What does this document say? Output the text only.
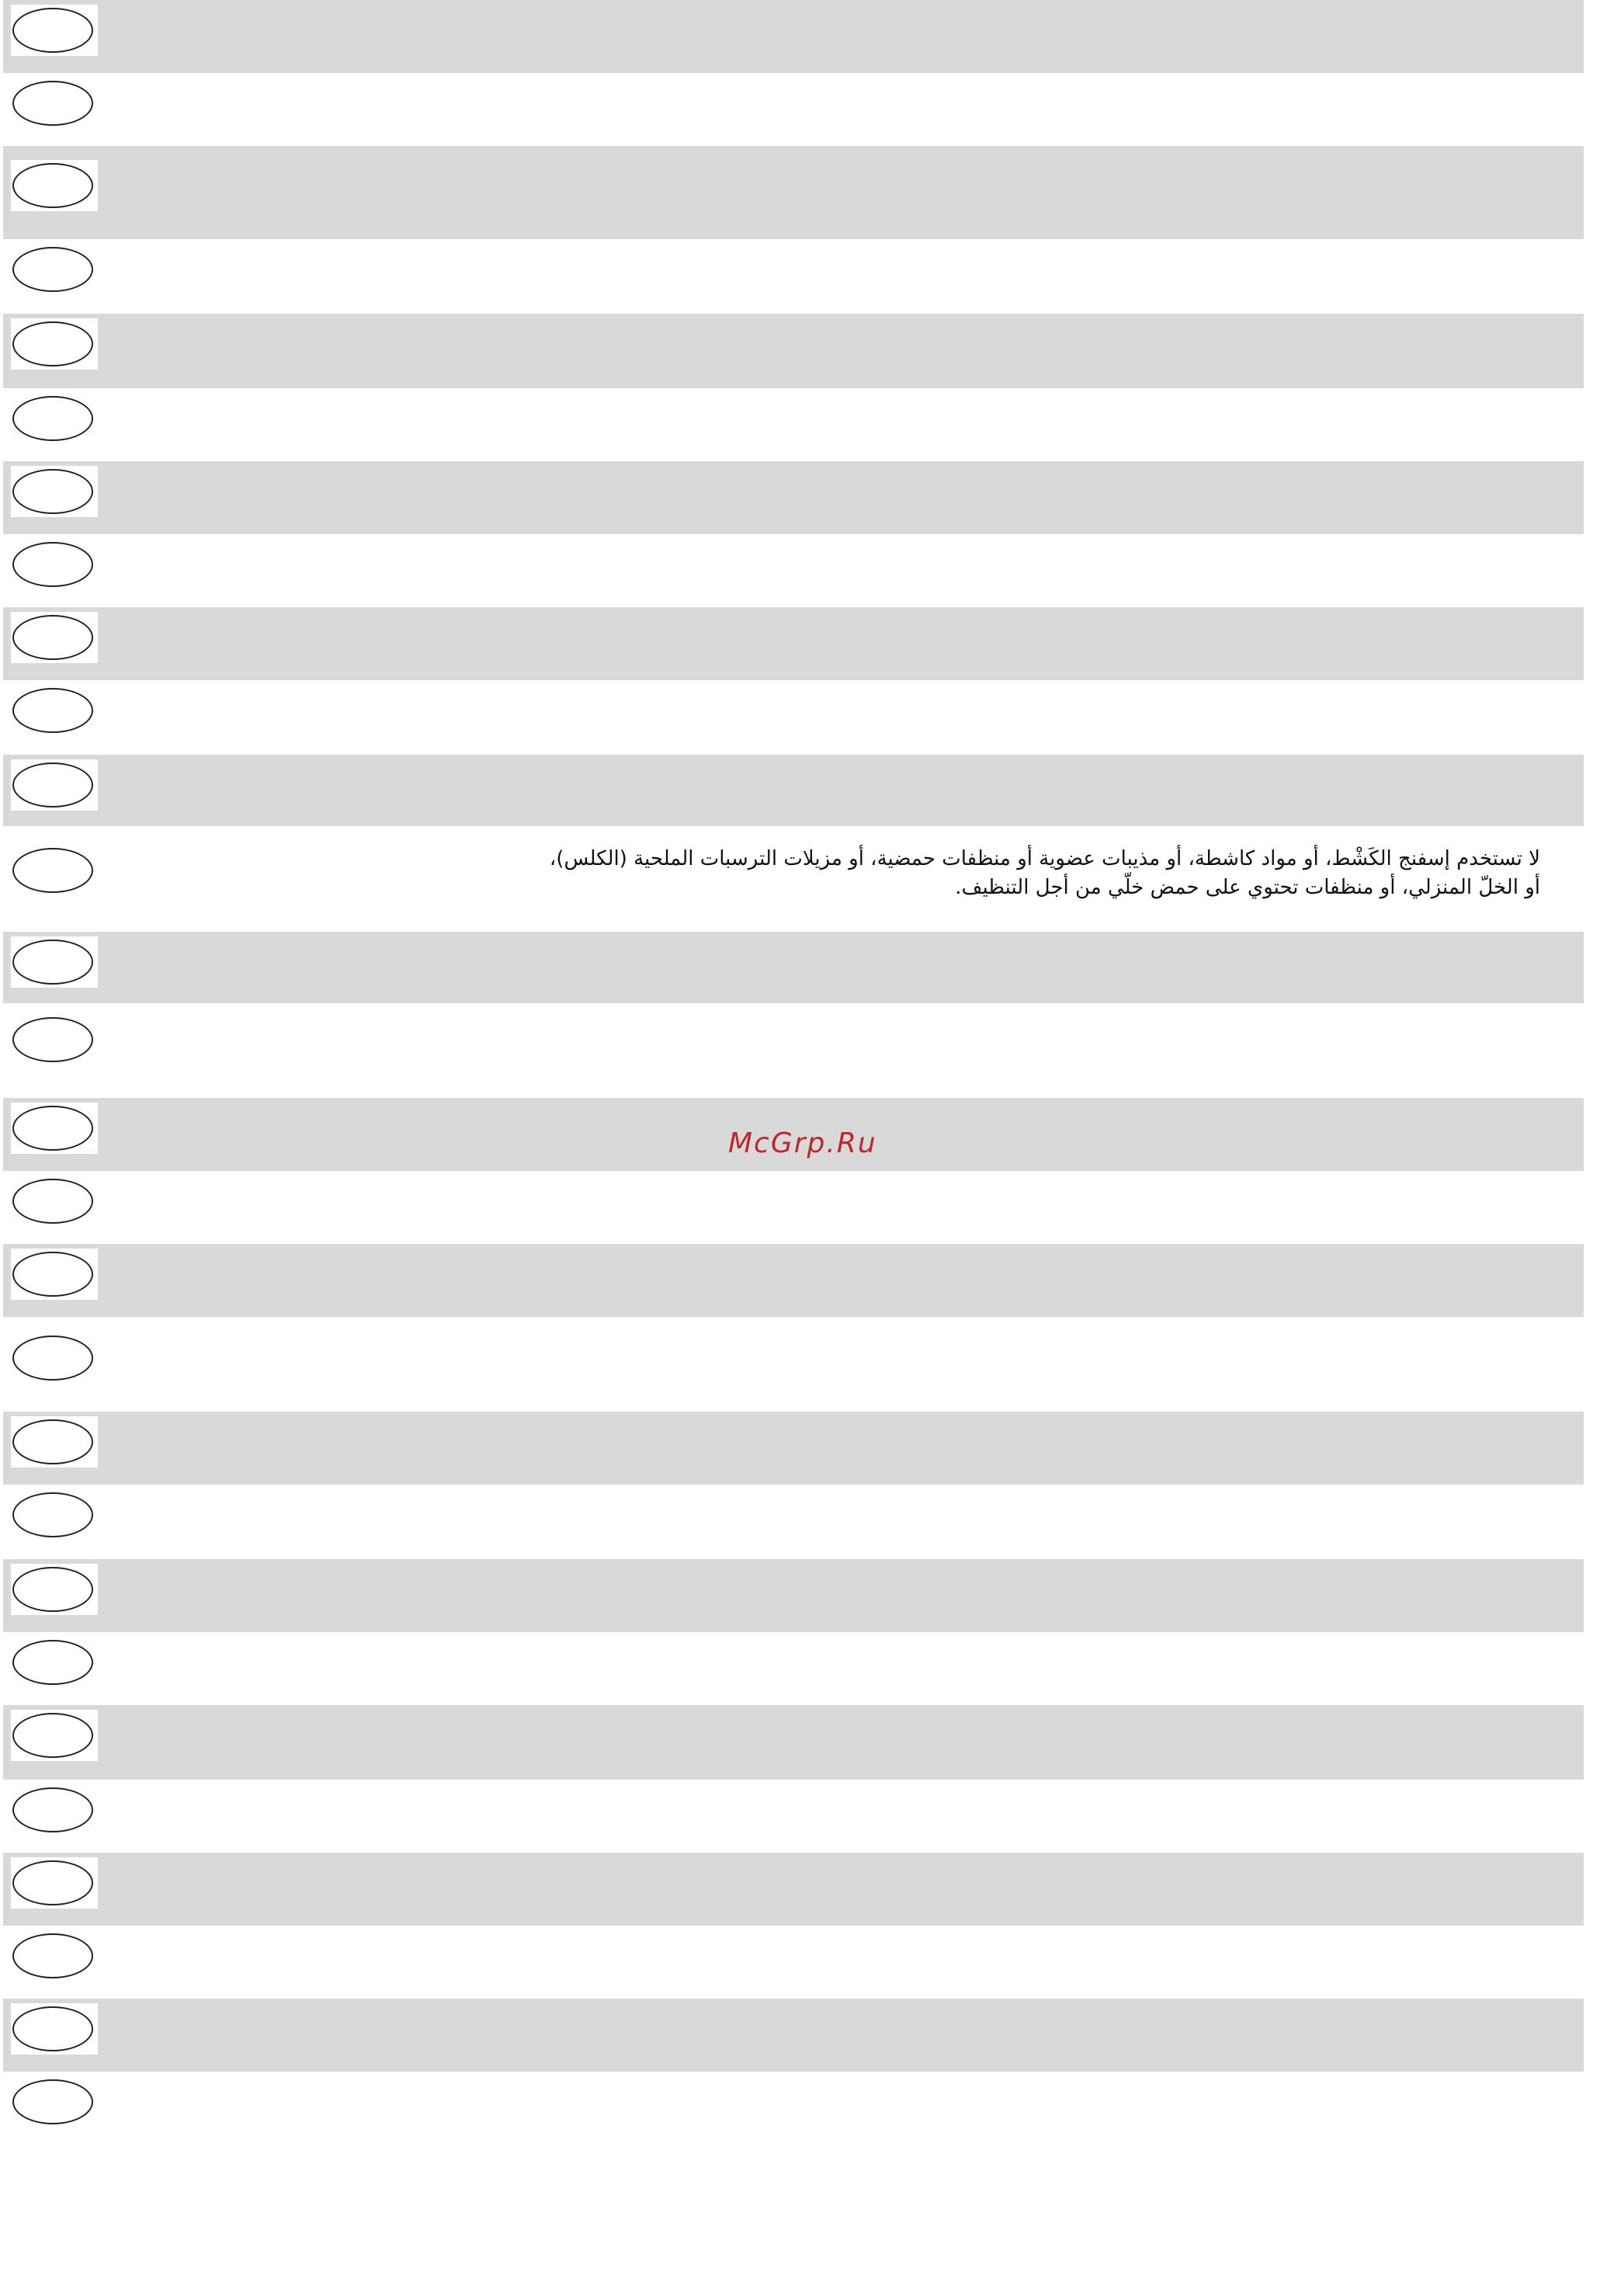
لا تستخدم إسفنج الكَشْط، أو مواد كاشطة، أو مذيبات عضوية أو منظفات حمضية، أو مزيلات الترسبات الملحية (الكلس)،
أو الخلّ المنزلي، أو منظفات تحتوي على حمض خلّي من أجل التنظيف.
McGrp.Ru
